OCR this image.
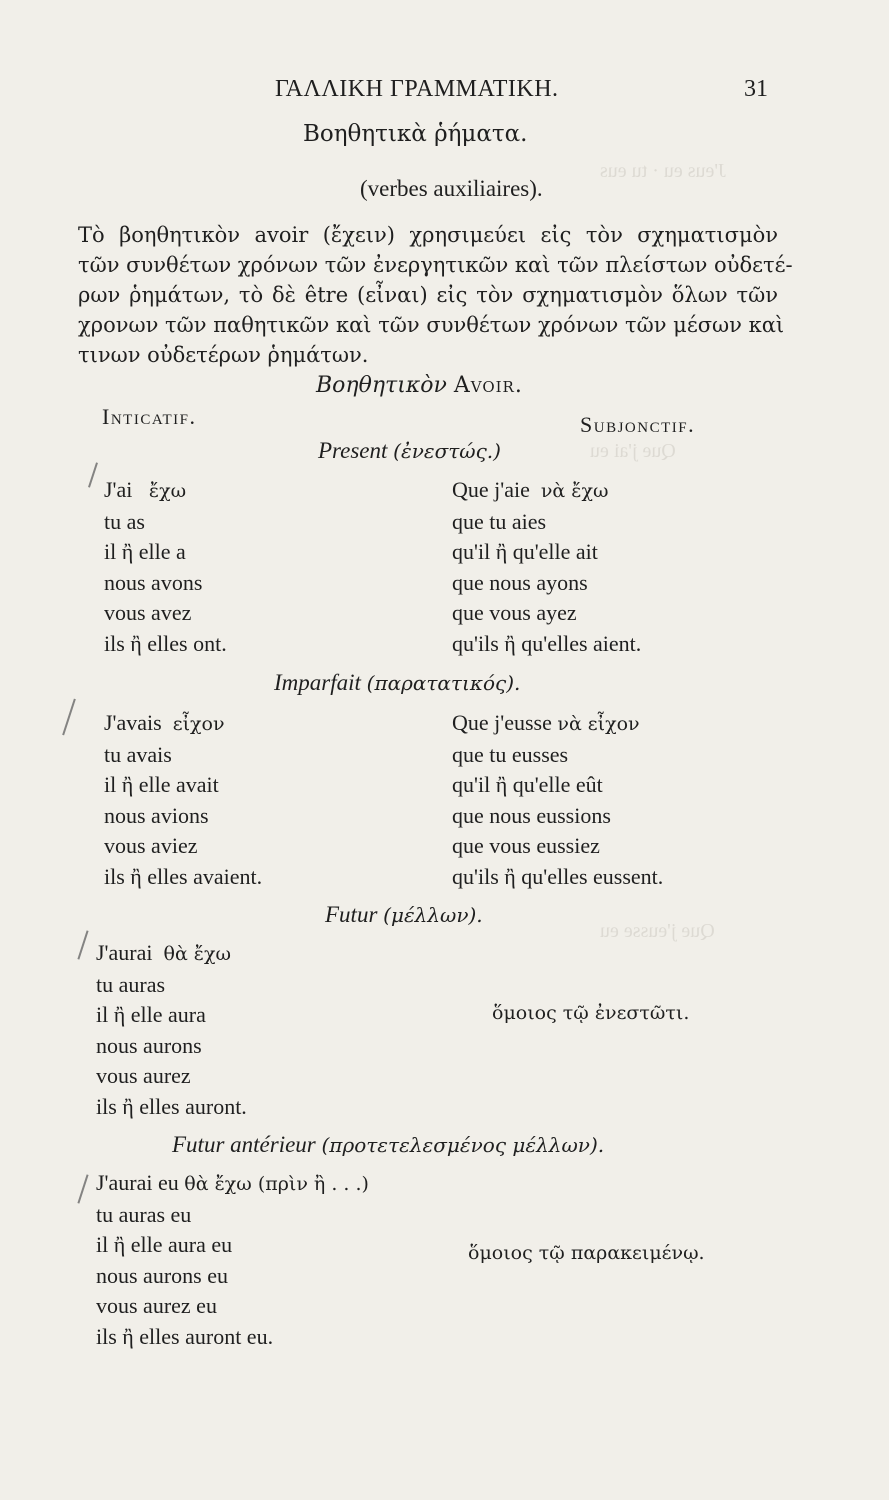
J'eus eu · tu eus
Que j'ai eu
Que j'eusse eu
ΓΑΛΛΙΚΗ ΓΡΑΜΜΑΤΙΚΗ.	31
Βοηθητικὰ ῥήματα.
(verbes auxiliaires).
Τὸ βοηθητικὸν avoir (ἔχειν) χρησιμεύει εἰς τὸν σχηματισμὸν
τῶν συνθέτων χρόνων τῶν ἐνεργητικῶν καὶ τῶν πλείστων οὐδετέ-
ρων ῥημάτων, τὸ δὲ être (εἶναι) εἰς τὸν σχηματισμὸν ὅλων τῶν
χρονων τῶν παθητικῶν καὶ τῶν συνθέτων χρόνων τῶν μέσων καὶ
τινων οὐδετέρων ῥημάτων.
Βοηθητικὸν Avoir.
Inticatif.	Subjonctif.
Present (ἐνεστώς.)
J'ai ἔχω
tu as
il ἢ elle a
nous avons
vous avez
ils ἢ elles ont.
Que j'aie νὰ ἔχω
que tu aies
qu'il ἢ qu'elle ait
que nous ayons
que vous ayez
qu'ils ἢ qu'elles aient.
Imparfait (παρατατικός).
J'avais εἶχον
tu avais
il ἢ elle avait
nous avions
vous aviez
ils ἢ elles avaient.
Que j'eusse νὰ εἶχον
que tu eusses
qu'il ἢ qu'elle eût
que nous eussions
que vous eussiez
qu'ils ἢ qu'elles eussent.
Futur (μέλλων).
J'aurai θὰ ἔχω
tu auras
il ἢ elle aura
nous aurons
vous aurez
ils ἢ elles auront.
ὅμοιος τῷ ἐνεστῶτι.
Futur antérieur (προτετελεσμένος μέλλων).
J'aurai eu θὰ ἔχω (πρὶν ἢ . . .)
tu auras eu
il ἢ elle aura eu
nous aurons eu
vous aurez eu
ils ἢ elles auront eu.
ὅμοιος τῷ παρακειμένῳ.
